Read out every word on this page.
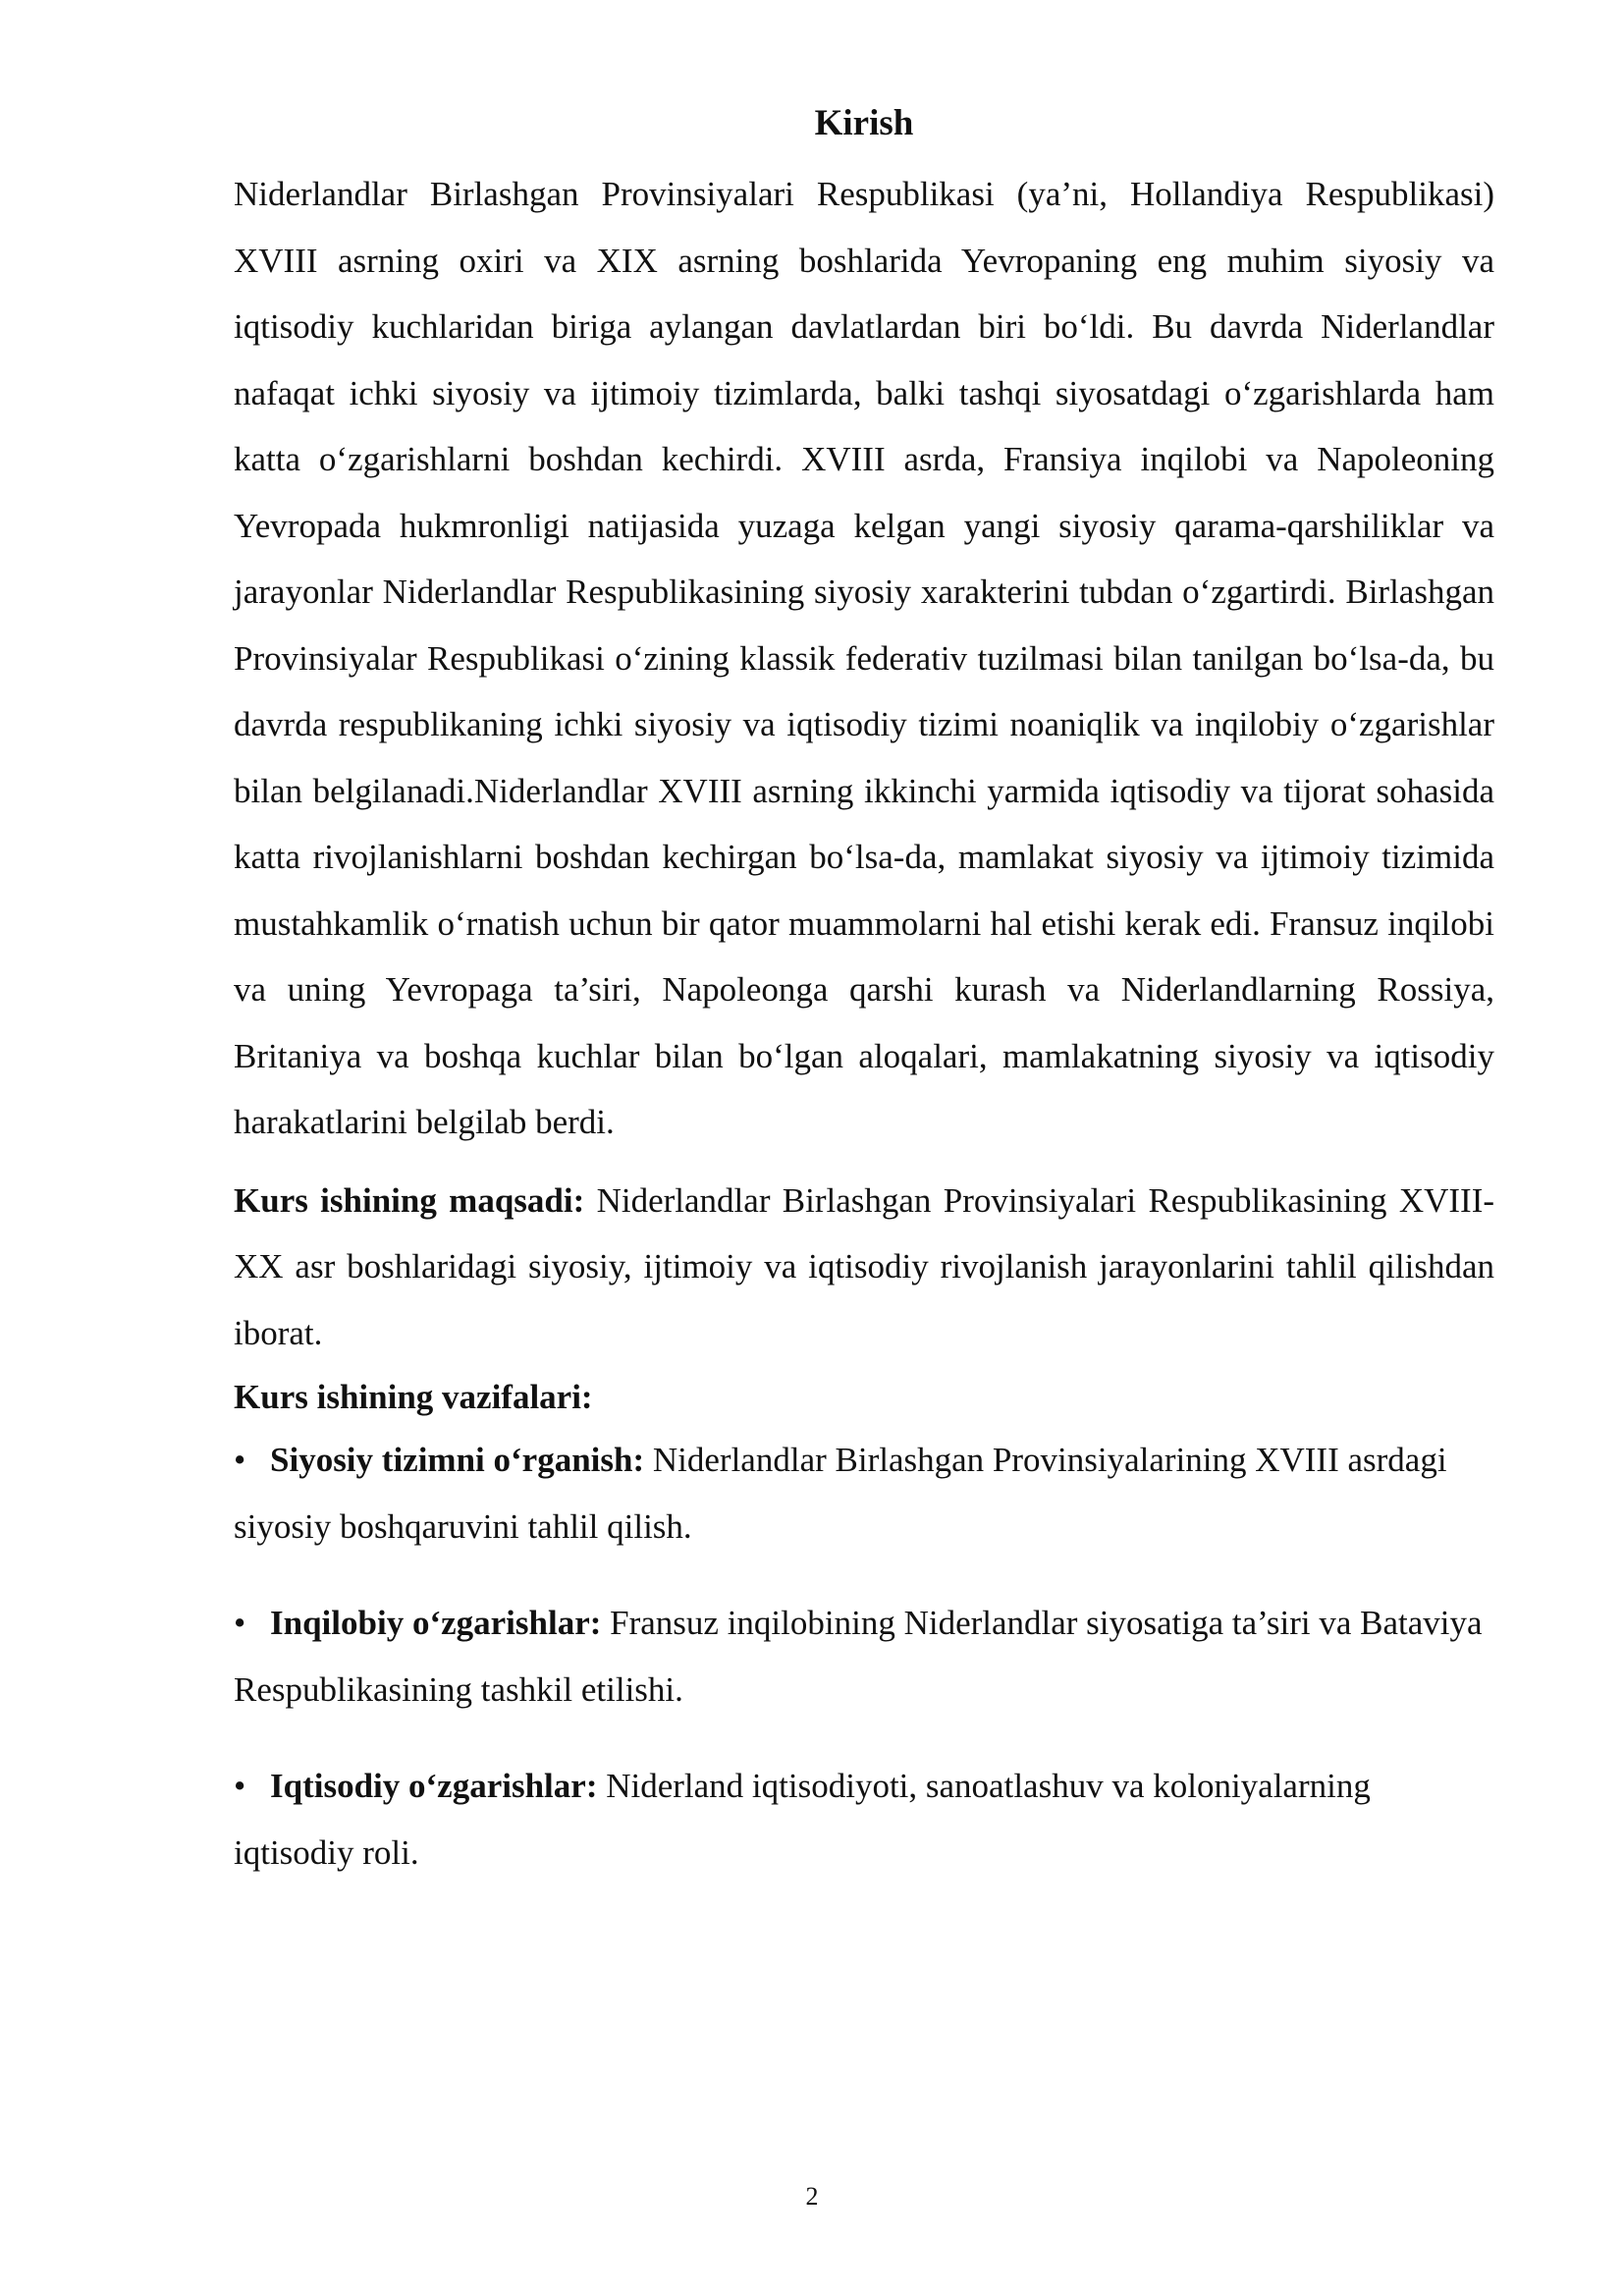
Kirish

Niderlandlar Birlashgan Provinsiyalari Respublikasi (ya’ni, Hollandiya Respublikasi) XVIII asrning oxiri va XIX asrning boshlarida Yevropaning eng muhim siyosiy va iqtisodiy kuchlaridan biriga aylangan davlatlardan biri bo‘ldi. Bu davrda Niderlandlar nafaqat ichki siyosiy va ijtimoiy tizimlarda, balki tashqi siyosatdagi o‘zgarishlarda ham katta o‘zgarishlarni boshdan kechirdi. XVIII asrda, Fransiya inqilobi va Napoleoning Yevropada hukmronligi natijasida yuzaga kelgan yangi siyosiy qarama-qarshiliklar va jarayonlar Niderlandlar Respublikasining siyosiy xarakterini tubdan o‘zgartirdi. Birlashgan Provinsiyalar Respublikasi o‘zining klassik federativ tuzilmasi bilan tanilgan bo‘lsa-da, bu davrda respublikaning ichki siyosiy va iqtisodiy tizimi noaniqlik va inqilobiy o‘zgarishlar bilan belgilanadi.Niderlandlar XVIII asrning ikkinchi yarmida iqtisodiy va tijorat sohasida katta rivojlanishlarni boshdan kechirgan bo‘lsa-da, mamlakat siyosiy va ijtimoiy tizimida mustahkamlik o‘rnatish uchun bir qator muammolarni hal etishi kerak edi. Fransuz inqilobi va uning Yevropaga ta’siri, Napoleonga qarshi kurash va Niderlandlarning Rossiya, Britaniya va boshqa kuchlar bilan bo‘lgan aloqalari, mamlakatning siyosiy va iqtisodiy harakatlarini belgilab berdi.

Kurs ishining maqsadi: Niderlandlar Birlashgan Provinsiyalari Respublikasining XVIII-XX asr boshlaridagi siyosiy, ijtimoiy va iqtisodiy rivojlanish jarayonlarini tahlil qilishdan iborat.

Kurs ishining vazifalari:

• Siyosiy tizimni o‘rganish: Niderlandlar Birlashgan Provinsiyalarining XVIII asrdagi siyosiy boshqaruvini tahlil qilish.

• Inqilobiy o‘zgarishlar: Fransuz inqilobining Niderlandlar siyosatiga ta’siri va Bataviya Respublikasining tashkil etilishi.

• Iqtisodiy o‘zgarishlar: Niderland iqtisodiyoti, sanoatlashuv va koloniyalarning iqtisodiy roli.

2
